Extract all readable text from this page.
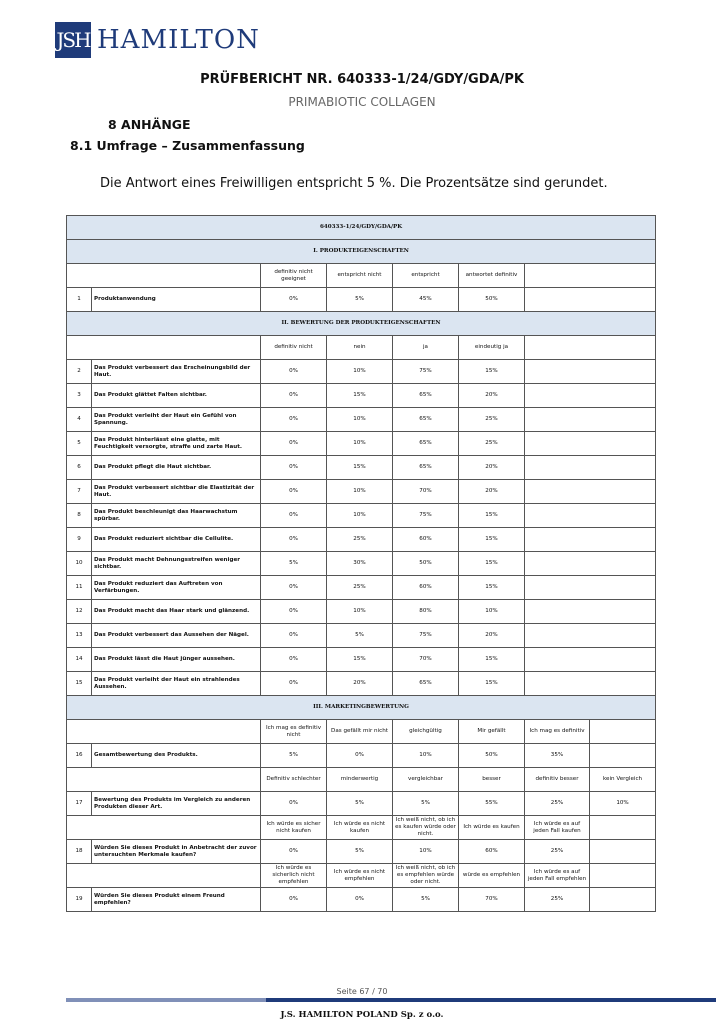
JSH HAMILTON
PRÜFBERICHT NR. 640333-1/24/GDY/GDA/PK
PRIMABIOTIC COLLAGEN
8 ANHÄNGE
8.1 Umfrage – Zusammenfassung
Die Antwort eines Freiwilligen entspricht 5 %. Die Prozentsätze sind gerundet.
640333-1/24/GDY/GDA/PK							
I. PRODUKTEIGENSCHAFTEN							
		definitiv nicht geeignet	entspricht nicht	entspricht	antwortet definitiv		
1	Produktanwendung	0%	5%	45%	50%		
II. BEWERTUNG DER PRODUKTEIGENSCHAFTEN							
		definitiv nicht	nein	ja	eindeutig ja		
2	Das Produkt verbessert das Erscheinungsbild der Haut.	0%	10%	75%	15%		
3	Das Produkt glättet Falten sichtbar.	0%	15%	65%	20%		
4	Das Produkt verleiht der Haut ein Gefühl von Spannung.	0%	10%	65%	25%		
5	Das Produkt hinterlässt eine glatte, mit Feuchtigkeit versorgte, straffe und zarte Haut.	0%	10%	65%	25%		
6	Das Produkt pflegt die Haut sichtbar.	0%	15%	65%	20%		
7	Das Produkt verbessert sichtbar die Elastizität der Haut.	0%	10%	70%	20%		
8	Das Produkt beschleunigt das Haarwachstum spürbar.	0%	10%	75%	15%		
9	Das Produkt reduziert sichtbar die Cellulite.	0%	25%	60%	15%		
10	Das Produkt macht Dehnungsstreifen weniger sichtbar.	5%	30%	50%	15%		
11	Das Produkt reduziert das Auftreten von Verfärbungen.	0%	25%	60%	15%		
12	Das Produkt macht das Haar stark und glänzend.	0%	10%	80%	10%		
13	Das Produkt verbessert das Aussehen der Nägel.	0%	5%	75%	20%		
14	Das Produkt lässt die Haut jünger aussehen.	0%	15%	70%	15%		
15	Das Produkt verleiht der Haut ein strahlendes Aussehen.	0%	20%	65%	15%		
III. MARKETINGBEWERTUNG							
		Ich mag es definitiv nicht	Das gefällt mir nicht	gleichgültig	Mir gefällt	Ich mag es definitiv	
16	Gesamtbewertung des Produkts.	5%	0%	10%	50%	35%	
		Definitiv schlechter	minderwertig	vergleichbar	besser	definitiv besser	kein Vergleich
17	Bewertung des Produkts im Vergleich zu anderen Produkten dieser Art.	0%	5%	5%	55%	25%	10%
		Ich würde es sicher nicht kaufen	Ich würde es nicht kaufen	Ich weiß nicht, ob ich es kaufen würde oder nicht.	Ich würde es kaufen	Ich würde es auf jeden Fall kaufen	
18	Würden Sie dieses Produkt in Anbetracht der zuvor untersuchten Merkmale kaufen?	0%	5%	10%	60%	25%	
		Ich würde es sicherlich nicht empfehlen	Ich würde es nicht empfehlen	Ich weiß nicht, ob ich es empfehlen würde oder nicht.	würde es empfehlen	Ich würde es auf jeden Fall empfehlen	
19	Würden Sie dieses Produkt einem Freund empfehlen?	0%	0%	5%	70%	25%	
Seite 67 / 70
J.S. HAMILTON POLAND Sp. z o.o.
